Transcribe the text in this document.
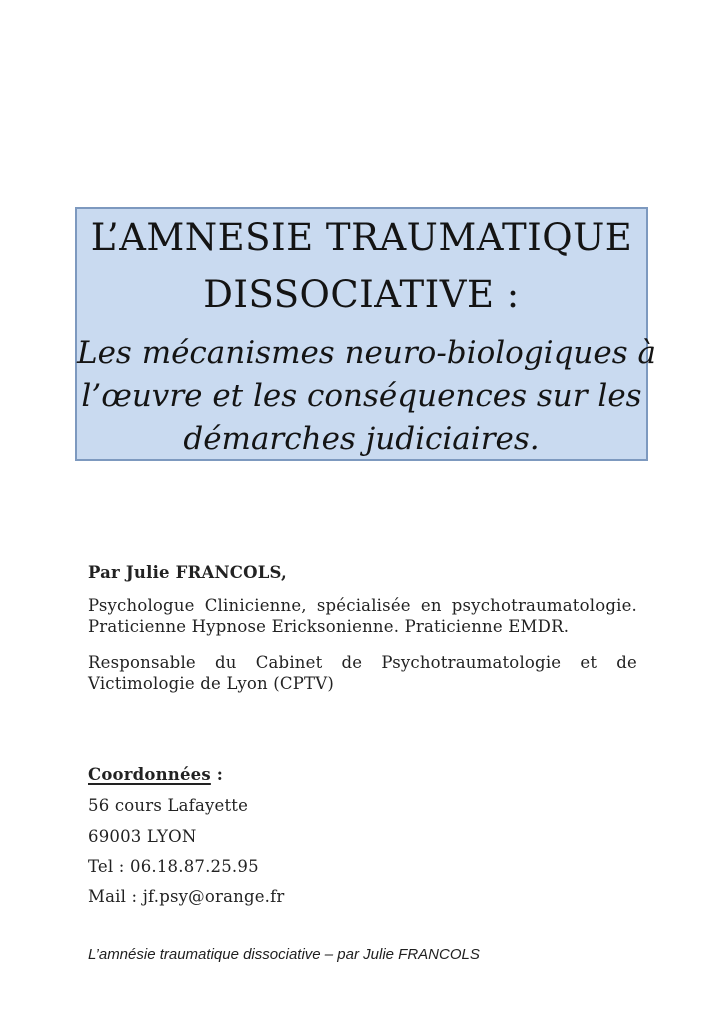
L’AMNESIE TRAUMATIQUE
DISSOCIATIVE :
Les mécanismes neuro-biologiques à
l’œuvre et les conséquences sur les
démarches judiciaires.
Par Julie FRANCOLS,
Psychologue Clinicienne, spécialisée en psychotraumatologie. Praticienne Hypnose Ericksonienne. Praticienne EMDR.
Responsable du Cabinet de Psychotraumatologie et de Victimologie de Lyon (CPTV)
Coordonnées :
56 cours Lafayette
69003 LYON
Tel : 06.18.87.25.95
Mail : jf.psy@orange.fr
L’amnésie traumatique dissociative – par Julie FRANCOLS
